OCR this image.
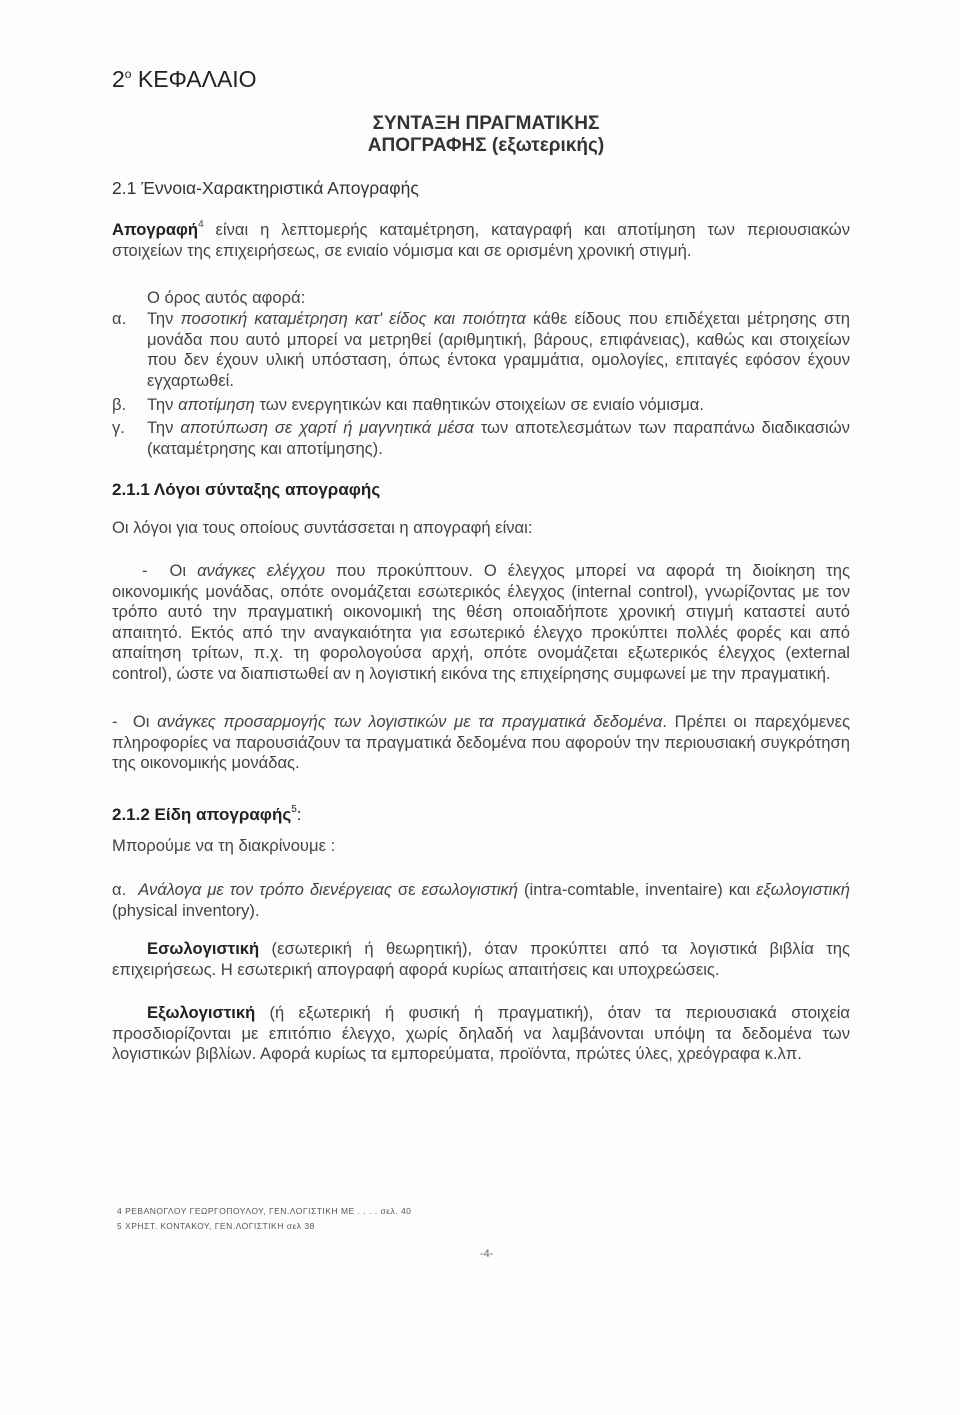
$2^o$ ΚΕΦΑΛΑΙΟ
ΣΥΝΤΑΞΗ ΠΡΑΓΜΑΤΙΚΗΣ
ΑΠΟΓΡΑΦΗΣ (εξωτερικής)
2.1 Έννοια-Χαρακτηριστικά Απογραφής
Απογραφή$^4$ είναι η λεπτομερής καταμέτρηση, καταγραφή και αποτίμηση των περιουσιακών στοιχείων της επιχειρήσεως, σε ενιαίο νόμισμα και σε ορισμένη χρονική στιγμή.
Ο όρος αυτός αφορά:
α. Την ποσοτική καταμέτρηση κατ' είδος και ποιότητα κάθε είδους που επιδέχεται μέτρησης στη μονάδα που αυτό μπορεί να μετρηθεί (αριθμητική, βάρους, επιφάνειας), καθώς και στοιχείων που δεν έχουν υλική υπόσταση, όπως έντοκα γραμμάτια, ομολογίες, επιταγές εφόσον έχουν εγχαρτωθεί.
β. Την αποτίμηση των ενεργητικών και παθητικών στοιχείων σε ενιαίο νόμισμα.
γ. Την αποτύπωση σε χαρτί ή μαγνητικά μέσα των αποτελεσμάτων των παραπάνω διαδικασιών (καταμέτρησης και αποτίμησης).
2.1.1 Λόγοι σύνταξης απογραφής
Οι λόγοι για τους οποίους συντάσσεται η απογραφή είναι:
- Οι ανάγκες ελέγχου που προκύπτουν. Ο έλεγχος μπορεί να αφορά τη διοίκηση της οικονομικής μονάδας, οπότε ονομάζεται εσωτερικός έλεγχος (internal control), γνωρίζοντας με τον τρόπο αυτό την πραγματική οικονομική της θέση οποιαδήποτε χρονική στιγμή καταστεί αυτό απαιτητό. Εκτός από την αναγκαιότητα για εσωτερικό έλεγχο προκύπτει πολλές φορές και από απαίτηση τρίτων, π.χ. τη φορολογούσα αρχή, οπότε ονομάζεται εξωτερικός έλεγχος (external control), ώστε να διαπιστωθεί αν η λογιστική εικόνα της επιχείρησης συμφωνεί με την πραγματική.
- Οι ανάγκες προσαρμογής των λογιστικών με τα πραγματικά δεδομένα. Πρέπει οι παρεχόμενες πληροφορίες να παρουσιάζουν τα πραγματικά δεδομένα που αφορούν την περιουσιακή συγκρότηση της οικονομικής μονάδας.
2.1.2 Είδη απογραφής$^5$:
Μπορούμε να τη διακρίνουμε :
α. Ανάλογα με τον τρόπο διενέργειας σε εσωλογιστική (intra-comtable, inventaire) και εξωλογιστική (physical inventory).
Εσωλογιστική (εσωτερική ή θεωρητική), όταν προκύπτει από τα λογιστικά βιβλία της επιχειρήσεως. Η εσωτερική απογραφή αφορά κυρίως απαιτήσεις και υποχρεώσεις.
Εξωλογιστική (ή εξωτερική ή φυσική ή πραγματική), όταν τα περιουσιακά στοιχεία προσδιορίζονται με επιτόπιο έλεγχο, χωρίς δηλαδή να λαμβάνονται υπόψη τα δεδομένα των λογιστικών βιβλίων. Αφορά κυρίως τα εμπορεύματα, προϊόντα, πρώτες ύλες, χρεόγραφα κ.λπ.
4 ΡΕΒΑΝΟΓΛΟΥ ΓΕΩΡΓΟΠΟΥΛΟΥ, ΓΕΝ.ΛΟΓΙΣΤΙΚΗ ΜΕ . . . . σελ. 40
5 ΧΡΗΣΤ. ΚΟΝΤΑΚΟΥ, ΓΕΝ.ΛΟΓΙΣΤΙΚΗ σελ 38
-4-
